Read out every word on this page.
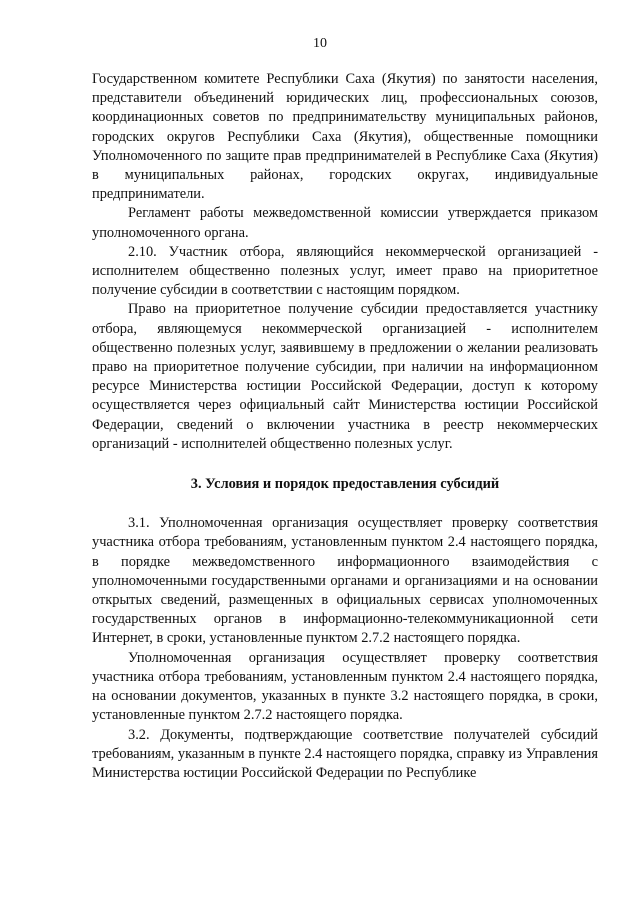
10

Государственном комитете Республики Саха (Якутия) по занятости населения, представители объединений юридических лиц, профессиональных союзов, координационных советов по предпринимательству муниципальных районов, городских округов Республики Саха (Якутия), общественные помощники Уполномоченного по защите прав предпринимателей в Республике Саха (Якутия) в муниципальных районах, городских округах, индивидуальные предприниматели.

Регламент работы межведомственной комиссии утверждается приказом уполномоченного органа.

2.10. Участник отбора, являющийся некоммерческой организацией - исполнителем общественно полезных услуг, имеет право на приоритетное получение субсидии в соответствии с настоящим порядком.

Право на приоритетное получение субсидии предоставляется участнику отбора, являющемуся некоммерческой организацией - исполнителем общественно полезных услуг, заявившему в предложении о желании реализовать право на приоритетное получение субсидии, при наличии на информационном ресурсе Министерства юстиции Российской Федерации, доступ к которому осуществляется через официальный сайт Министерства юстиции Российской Федерации, сведений о включении участника в реестр некоммерческих организаций - исполнителей общественно полезных услуг.

3. Условия и порядок предоставления субсидий

3.1. Уполномоченная организация осуществляет проверку соответствия участника отбора требованиям, установленным пунктом 2.4 настоящего порядка, в порядке межведомственного информационного взаимодействия с уполномоченными государственными органами и организациями и на основании открытых сведений, размещенных в официальных сервисах уполномоченных государственных органов в информационно-телекоммуникационной сети Интернет, в сроки, установленные пунктом 2.7.2 настоящего порядка.

Уполномоченная организация осуществляет проверку соответствия участника отбора требованиям, установленным пунктом 2.4 настоящего порядка, на основании документов, указанных в пункте 3.2 настоящего порядка, в сроки, установленные пунктом 2.7.2 настоящего порядка.

3.2. Документы, подтверждающие соответствие получателей субсидий требованиям, указанным в пункте 2.4 настоящего порядка, справку из Управления Министерства юстиции Российской Федерации по Республике
